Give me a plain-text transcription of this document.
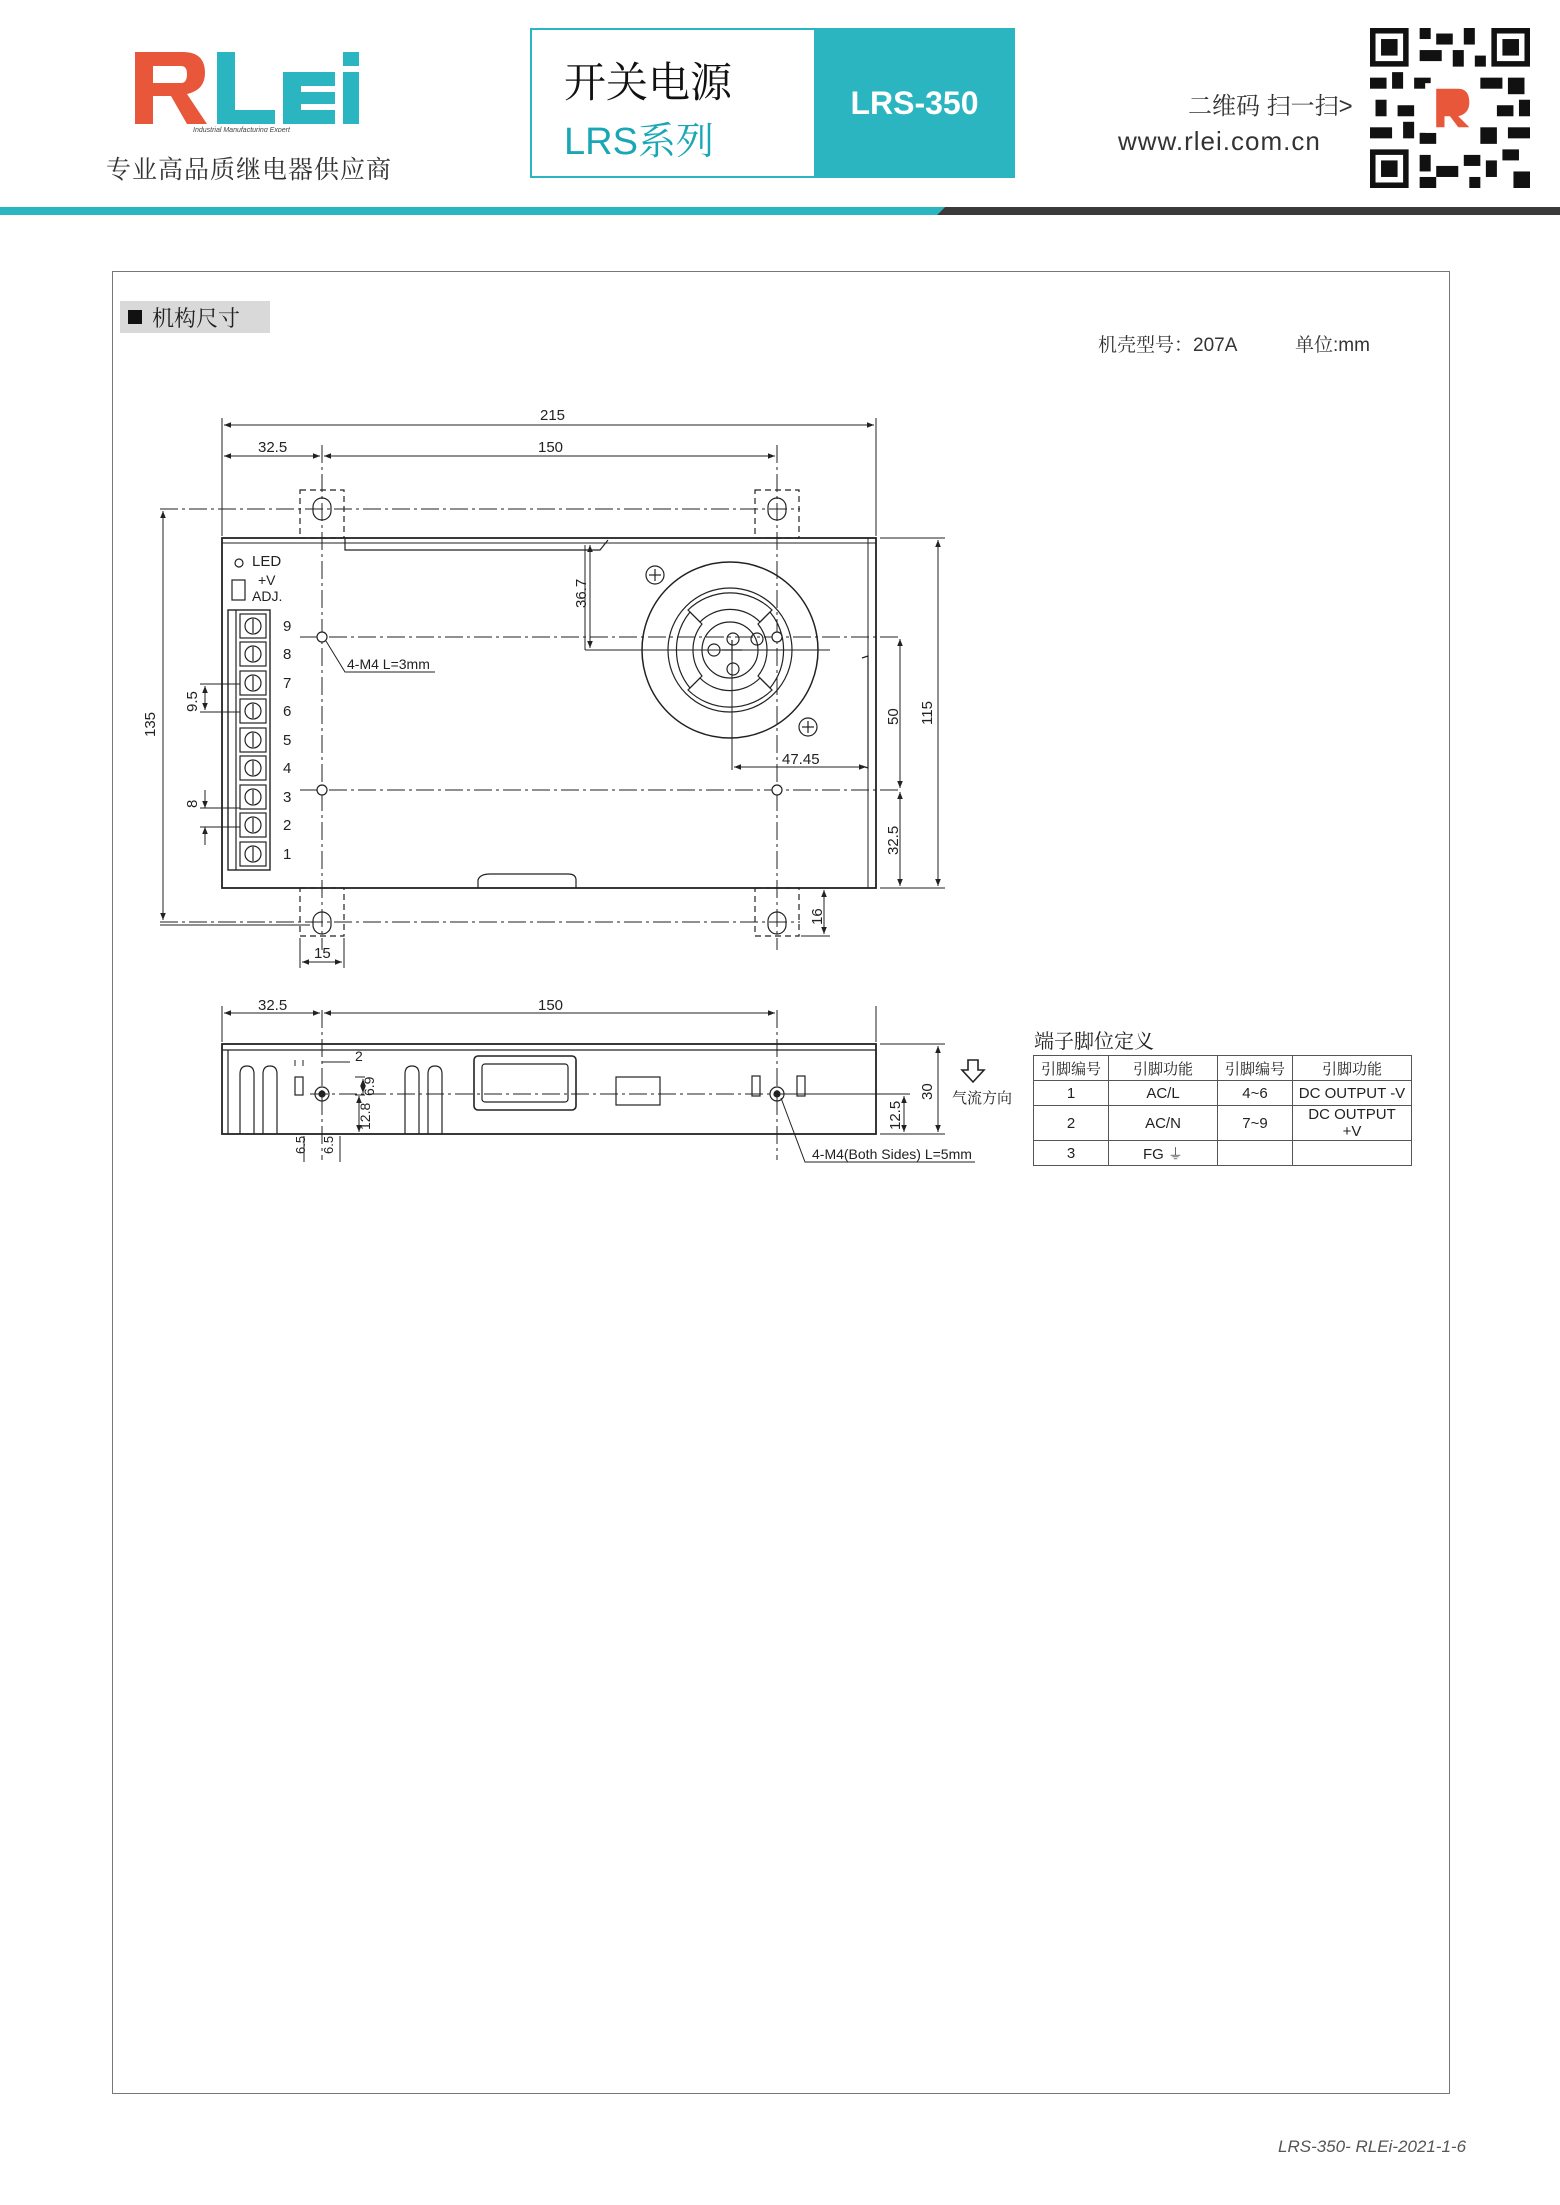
Industrial Manufacturing Expert
专业高品质继电器供应商
开关电源
LRS系列
LRS-350	二维码 扫一扫>
www.rlei.com.cn
机构尺寸
机壳型号：207A	单位:mm
215
32.5	150
135	115
50
32.5
36.7
47.45
9.5
8
15
16
LED
+V
ADJ.
4-M4 L=3mm
9
8
7
6
5
4
3
2
1
32.5	150
2
6.9
12.8
6.5 6.5
30
12.5
4-M4(Both Sides) L=5mm
气流方向
端子脚位定义
引脚编号	引脚功能	引脚编号	引脚功能
1	AC/L	4~6	DC OUTPUT -V
2	AC/N	7~9	DC OUTPUT +V
3	FG ⏚		
LRS-350- RLEi-2021-1-6
